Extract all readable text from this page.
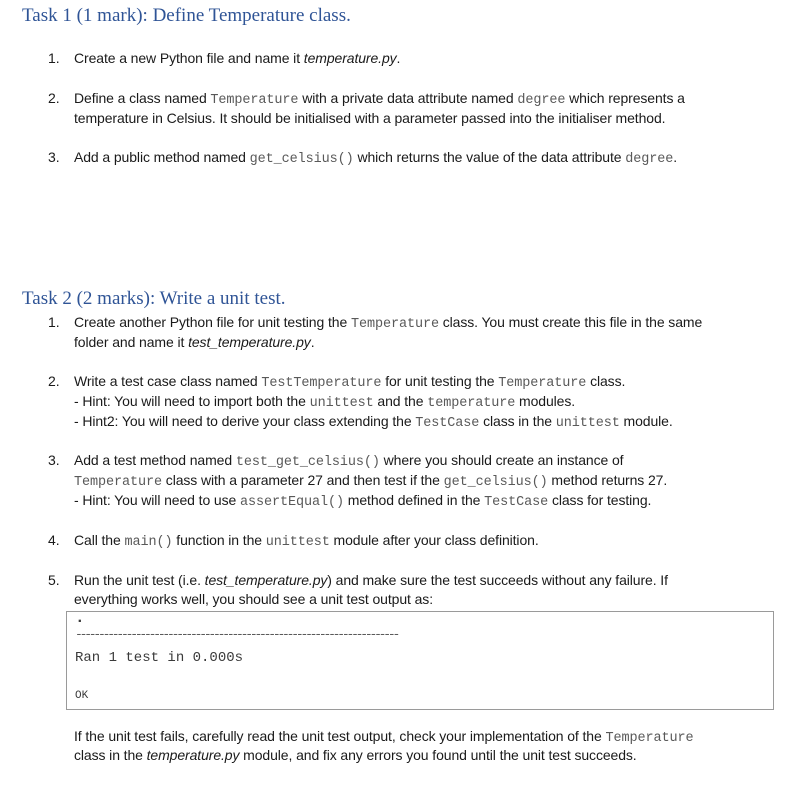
Task 1 (1 mark): Define Temperature class.
1. Create a new Python file and name it temperature.py.
2. Define a class named Temperature with a private data attribute named degree which represents a
temperature in Celsius. It should be initialised with a parameter passed into the initialiser method.
3. Add a public method named get_celsius() which returns the value of the data attribute degree.
Task 2 (2 marks): Write a unit test.
1. Create another Python file for unit testing the Temperature class. You must create this file in the same
folder and name it test_temperature.py.
2. Write a test case class named TestTemperature for unit testing the Temperature class.
- Hint: You will need to import both the unittest and the temperature modules.
- Hint2: You will need to derive your class extending the TestCase class in the unittest module.
3. Add a test method named test_get_celsius() where you should create an instance of
Temperature class with a parameter 27 and then test if the get_celsius() method returns 27.
- Hint: You will need to use assertEqual() method defined in the TestCase class for testing.
4. Call the main() function in the unittest module after your class definition.
5. Run the unit test (i.e. test_temperature.py) and make sure the test succeeds without any failure. If
everything works well, you should see a unit test output as:
.
----------------------------------------------------------------------
Ran 1 test in 0.000s
OK
If the unit test fails, carefully read the unit test output, check your implementation of the Temperature
class in the temperature.py module, and fix any errors you found until the unit test succeeds.
